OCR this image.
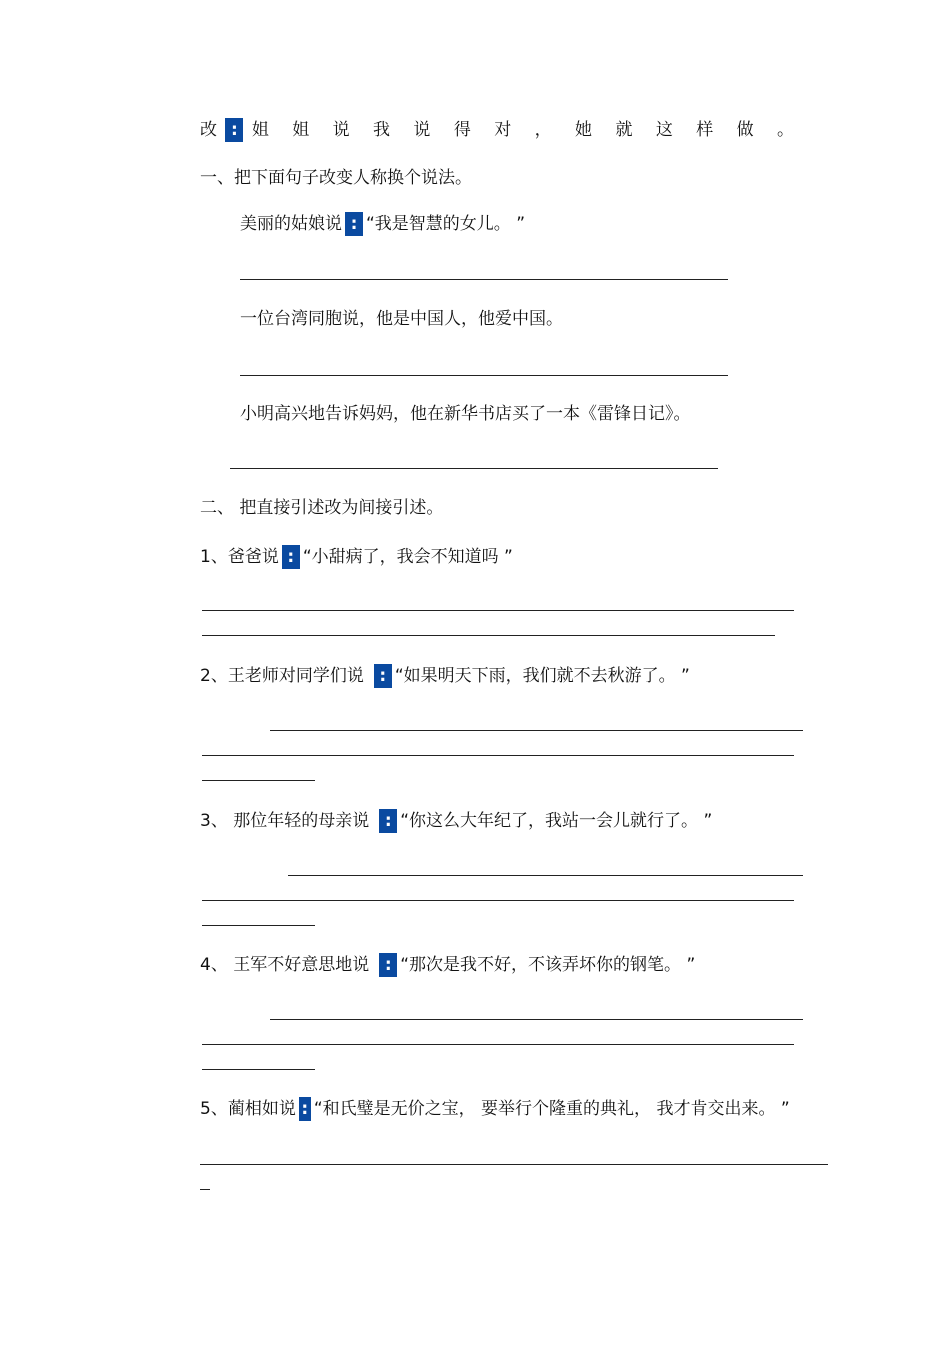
改 : 姐 姐 说 我 说 得 对 ， 她 就 这 样 做 。
一、把下面句子改变人称换个说法。
美丽的姑娘说 : “我是智慧的女儿。 ”
一位台湾同胞说，他是中国人，他爱中国。
小明高兴地告诉妈妈，他在新华书店买了一本《雷锋日记》。
二、 把直接引述改为间接引述。
1、爸爸说 : “小甜病了，我会不知道吗 ”
2、王老师对同学们说 : “如果明天下雨，我们就不去秋游了。 ”
3、 那位年轻的母亲说 : “你这么大年纪了，我站一会儿就行了。 ”
4、 王军不好意思地说 : “那次是我不好，不该弄坏你的钢笔。 ”
5、蔺相如说 : “和氏璧是无价之宝， 要举行个隆重的典礼， 我才肯交出来。 ”
